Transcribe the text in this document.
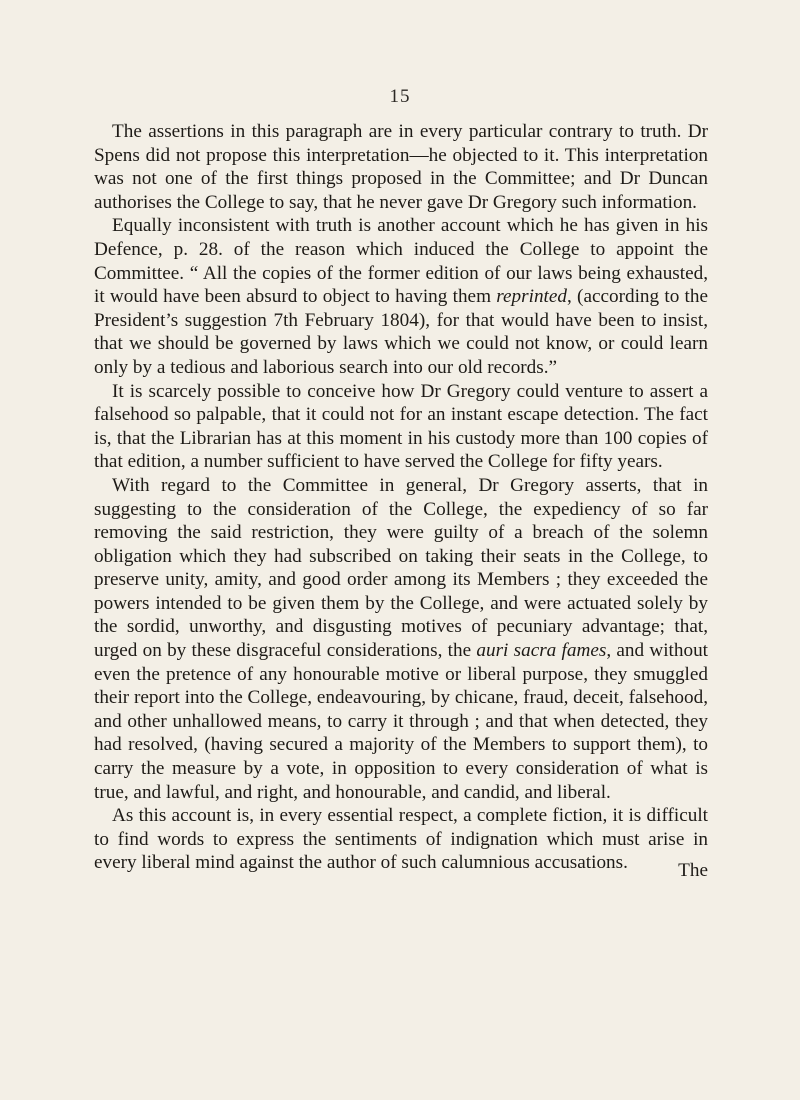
15

The assertions in this paragraph are in every particular contrary to truth. Dr Spens did not propose this interpretation—he objected to it. This interpretation was not one of the first things proposed in the Committee; and Dr Duncan authorises the College to say, that he never gave Dr Gregory such information.

Equally inconsistent with truth is another account which he has given in his Defence, p. 28. of the reason which induced the College to appoint the Committee. “ All the copies of the former edition of our laws being exhausted, it would have been absurd to object to having them reprinted, (according to the President’s suggestion 7th February 1804), for that would have been to insist, that we should be governed by laws which we could not know, or could learn only by a tedious and laborious search into our old records.”

It is scarcely possible to conceive how Dr Gregory could venture to assert a falsehood so palpable, that it could not for an instant escape detection. The fact is, that the Librarian has at this moment in his custody more than 100 copies of that edition, a number sufficient to have served the College for fifty years.

With regard to the Committee in general, Dr Gregory asserts, that in suggesting to the consideration of the College, the expediency of so far removing the said restriction, they were guilty of a breach of the solemn obligation which they had subscribed on taking their seats in the College, to preserve unity, amity, and good order among its Members ; they exceeded the powers intended to be given them by the College, and were actuated solely by the sordid, unworthy, and disgusting motives of pecuniary advantage; that, urged on by these disgraceful considerations, the auri sacra fames, and without even the pretence of any honourable motive or liberal purpose, they smuggled their report into the College, endeavouring, by chicane, fraud, deceit, falsehood, and other unhallowed means, to carry it through ; and that when detected, they had resolved, (having secured a majority of the Members to support them), to carry the measure by a vote, in opposition to every consideration of what is true, and lawful, and right, and honourable, and candid, and liberal.

As this account is, in every essential respect, a complete fiction, it is difficult to find words to express the sentiments of indignation which must arise in every liberal mind against the author of such calumnious accusations.	The
